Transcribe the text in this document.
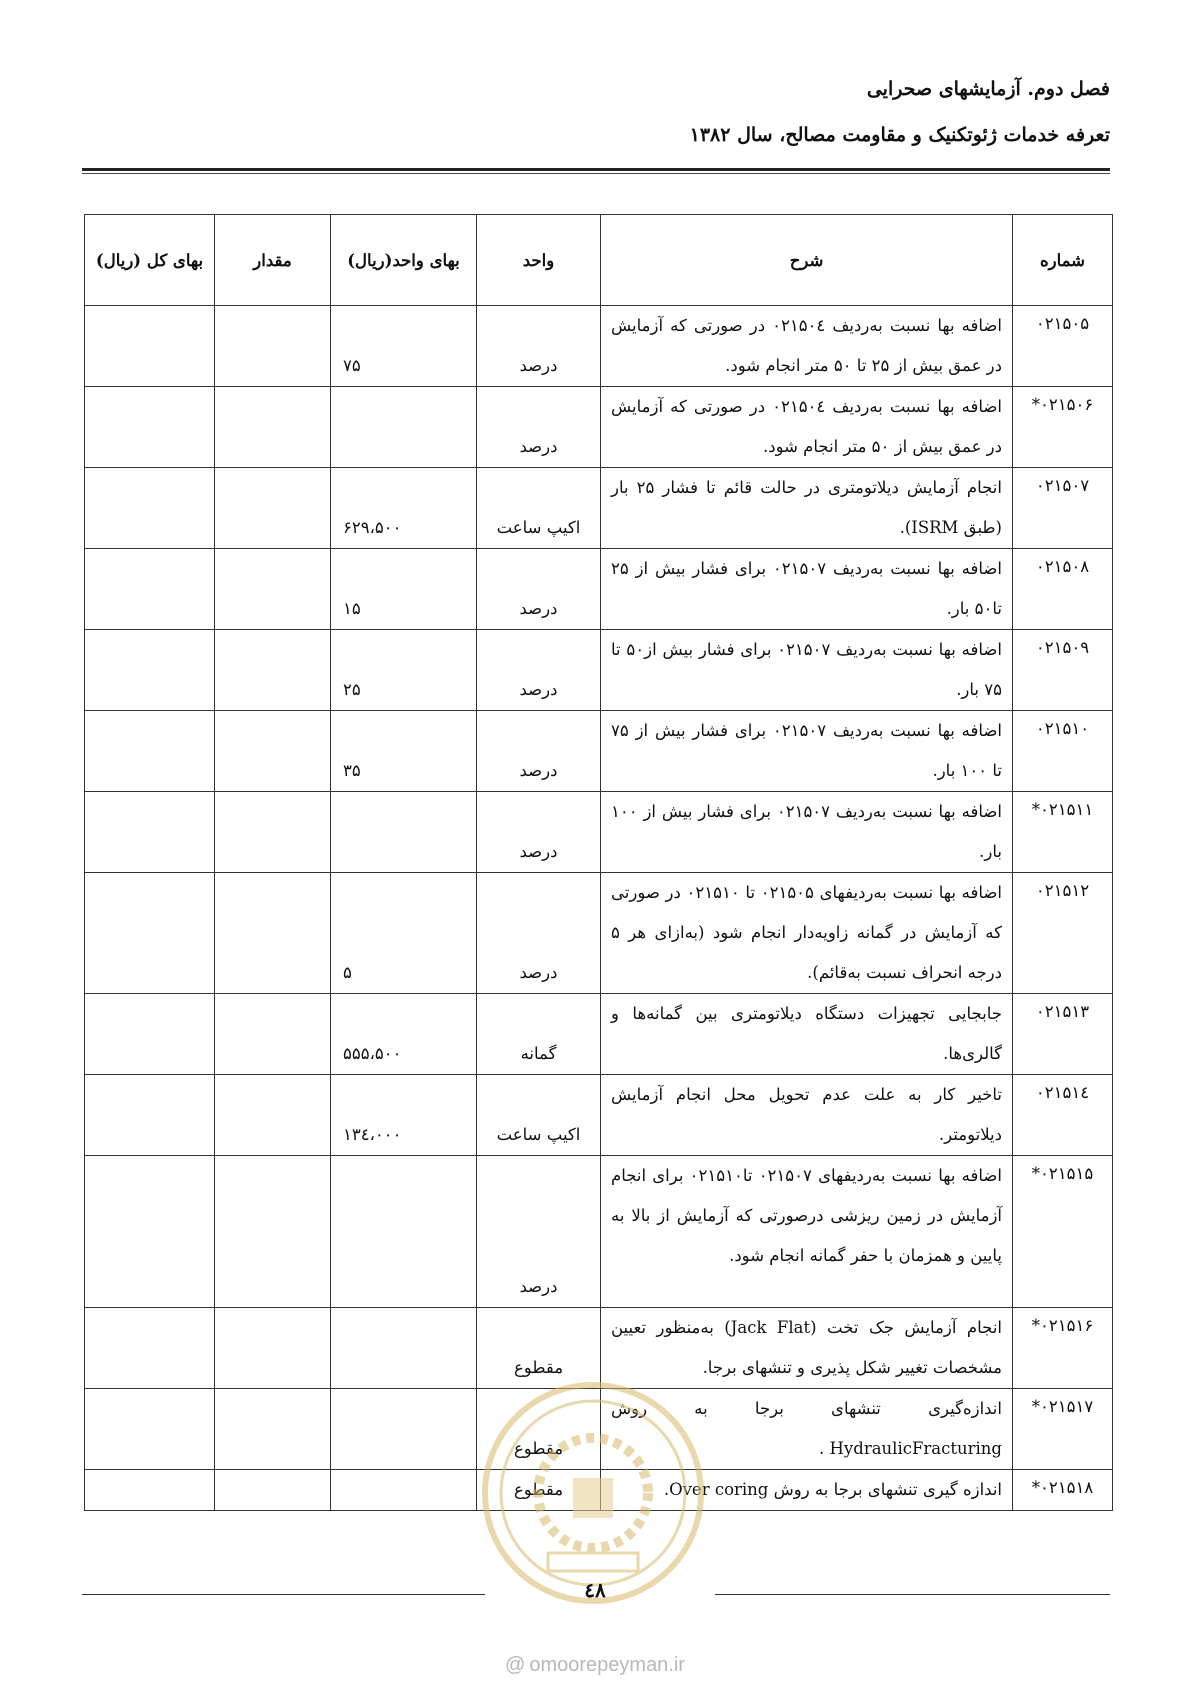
فصل دوم. آزمایشهای صحرایی
تعرفه خدمات ژئوتکنیک و مقاومت مصالح، سال ۱۳۸۲
شماره	شرح	واحد	بهای واحد(ریال)	مقدار	بهای کل (ریال)
۰۲۱۵۰۵	اضافه بها نسبت به‌ردیف ۰۲۱۵۰٤ در صورتی که آزمایش در عمق بیش از ۲۵ تا ۵۰ متر انجام شود.	درصد	۷۵		
۰۲۱۵۰۶*	اضافه بها نسبت به‌ردیف ۰۲۱۵۰٤ در صورتی که آزمایش در عمق بیش از ۵۰ متر انجام شود.	درصد			
۰۲۱۵۰۷	انجام آزمایش دیلاتومتری در حالت قائم تا فشار ۲۵ بار (طبق ISRM).	اکیپ ساعت	۶۲۹،۵۰۰		
۰۲۱۵۰۸	اضافه بها نسبت به‌ردیف ۰۲۱۵۰۷ برای فشار بیش از ۲۵ تا۵۰ بار.	درصد	۱۵		
۰۲۱۵۰۹	اضافه بها نسبت به‌ردیف ۰۲۱۵۰۷ برای فشار بیش از۵۰ تا ۷۵ بار.	درصد	۲۵		
۰۲۱۵۱۰	اضافه بها نسبت به‌ردیف ۰۲۱۵۰۷ برای فشار بیش از ۷۵ تا ۱۰۰ بار.	درصد	۳۵		
۰۲۱۵۱۱*	اضافه بها نسبت به‌ردیف ۰۲۱۵۰۷ برای فشار بیش از ۱۰۰ بار.	درصد			
۰۲۱۵۱۲	اضافه بها نسبت به‌ردیفهای ۰۲۱۵۰۵ تا ۰۲۱۵۱۰ در صورتی که آزمایش در گمانه زاویه‌دار انجام شود (به‌ازای هر ۵ درجه انحراف نسبت به‌قائم).	درصد	۵		
۰۲۱۵۱۳	جابجایی تجهیزات دستگاه دیلاتومتری بین گمانه‌ها و گالری‌ها.	گمانه	۵۵۵،۵۰۰		
۰۲۱۵۱٤	تاخیر کار به علت عدم تحویل محل انجام آزمایش دیلاتومتر.	اکیپ ساعت	۱۳٤،۰۰۰		
۰۲۱۵۱۵*	اضافه بها نسبت به‌ردیفهای ۰۲۱۵۰۷ تا۰۲۱۵۱۰ برای انجام آزمایش در زمین ریزشی درصورتی که آزمایش از بالا به پایین و همزمان با حفر گمانه انجام شود.	درصد			
۰۲۱۵۱۶*	انجام آزمایش جک تخت (Jack Flat) به‌منظور تعیین مشخصات تغییر شکل پذیری و تنشهای برجا.	مقطوع			
۰۲۱۵۱۷*	اندازه‌گیری تنشهای برجا به روش HydraulicFracturing .	مقطوع			
۰۲۱۵۱۸*	اندازه گیری تنشهای برجا به روش Over coring.	مقطوع			
٤۸
@ omoorepeyman.ir
